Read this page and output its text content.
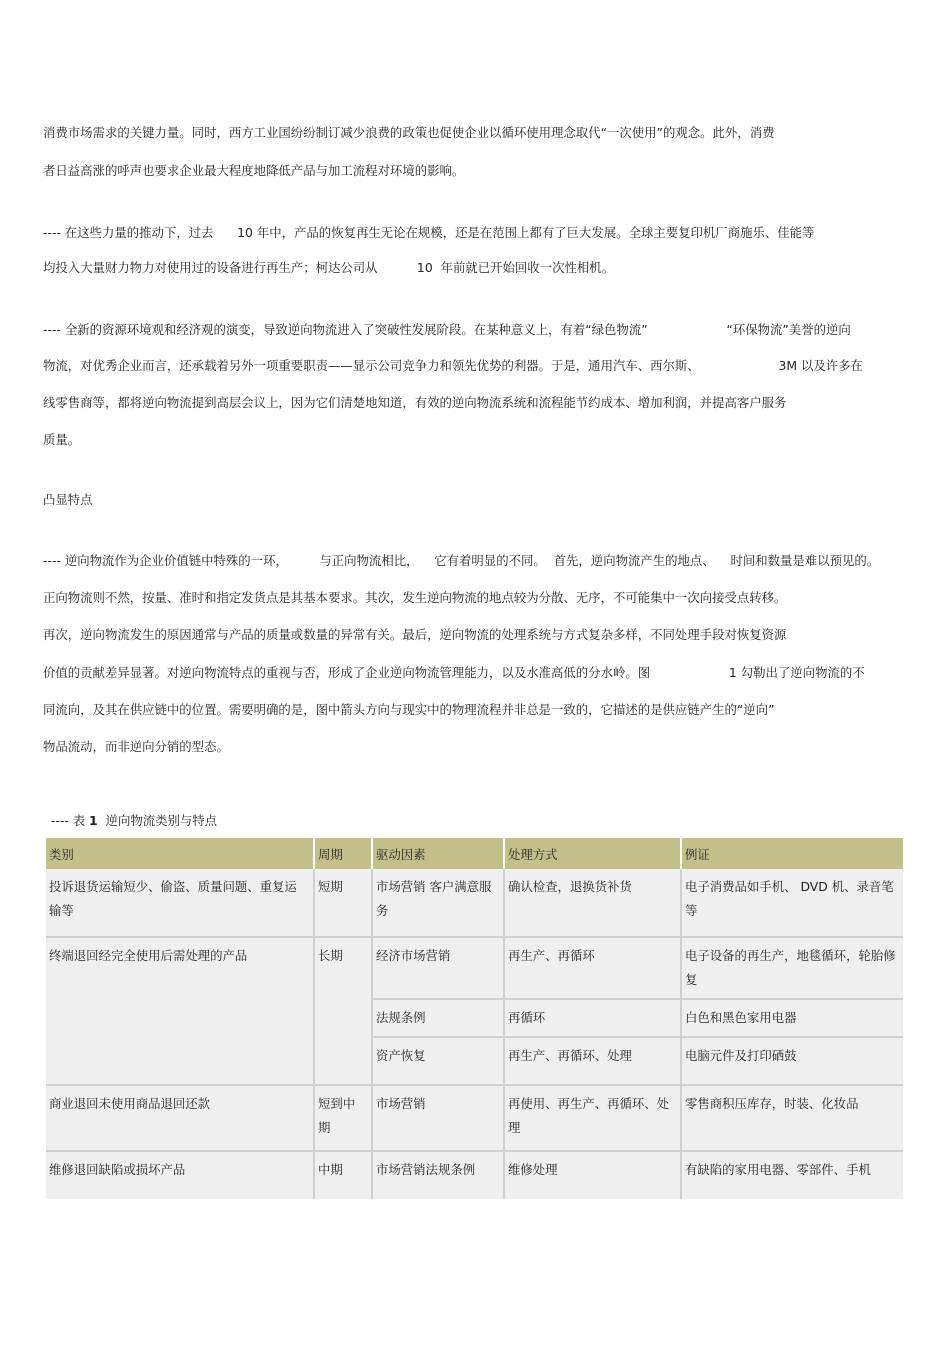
消费市场需求的关键力量。同时，西方工业国纷纷制订减少浪费的政策也促使企业以循环使用理念取代“一次使用”的观念。此外，消费
者日益高涨的呼声也要求企业最大程度地降低产品与加工流程对环境的影响。
---- 在这些力量的推动下，过去      10 年中，产品的恢复再生无论在规模，还是在范围上都有了巨大发展。全球主要复印机厂商施乐、佳能等
均投入大量财力物力对使用过的设备进行再生产；柯达公司从          10  年前就已开始回收一次性相机。
---- 全新的资源环境观和经济观的演变，导致逆向物流进入了突破性发展阶段。在某种意义上，有着“绿色物流”                    “环保物流”美誉的逆向
物流，对优秀企业而言，还承载着另外一项重要职责——显示公司竞争力和领先优势的利器。于是，通用汽车、西尔斯、                    3M 以及许多在
线零售商等，都将逆向物流提到高层会议上，因为它们清楚地知道，有效的逆向物流系统和流程能节约成本、增加利润，并提高客户服务
质量。
凸显特点
---- 逆向物流作为企业价值链中特殊的一环，        与正向物流相比，    它有着明显的不同。  首先，逆向物流产生的地点、    时间和数量是难以预见的。
正向物流则不然，按量、准时和指定发货点是其基本要求。其次，发生逆向物流的地点较为分散、无序，不可能集中一次向接受点转移。
再次，逆向物流发生的原因通常与产品的质量或数量的异常有关。最后，逆向物流的处理系统与方式复杂多样，不同处理手段对恢复资源
价值的贡献差异显著。对逆向物流特点的重视与否，形成了企业逆向物流管理能力，以及水准高低的分水岭。图                    1 勾勒出了逆向物流的不
同流向，及其在供应链中的位置。需要明确的是，图中箭头方向与现实中的物理流程并非总是一致的，它描述的是供应链产生的“逆向”
物品流动，而非逆向分销的型态。

---- 表 1  逆向物流类别与特点

类别	周期	驱动因素	处理方式	例证
投诉退货运输短少、偷盗、质量问题、重复运输等	短期	市场营销 客户满意服务	确认检查，退换货补货	电子消费品如手机、 DVD 机、录音笔等
终端退回经完全使用后需处理的产品	长期	经济市场营销	再生产、再循环	电子设备的再生产，地毯循环，轮胎修复
		法规条例	再循环	白色和黑色家用电器
		资产恢复	再生产、再循环、处理	电脑元件及打印硒鼓
商业退回未使用商品退回还款	短到中期	市场营销	再使用、再生产、再循环、处理	零售商积压库存，时装、化妆品
维修退回缺陷或损坏产品	中期	市场营销法规条例	维修处理	有缺陷的家用电器、零部件、手机
